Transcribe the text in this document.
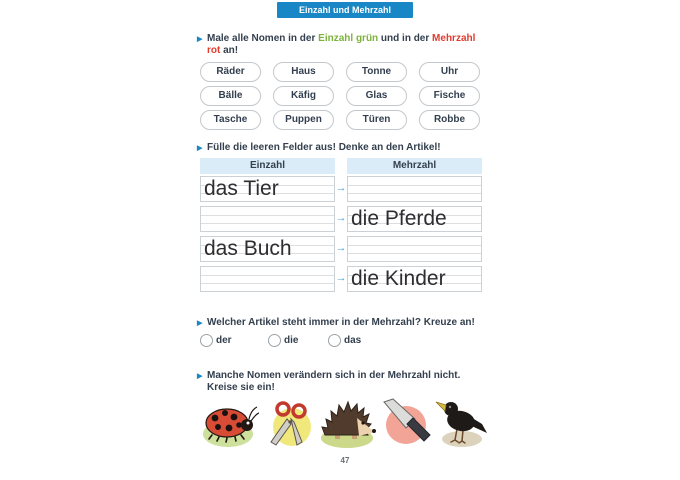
Einzahl und Mehrzahl
▶ Male alle Nomen in der Einzahl grün und in der Mehrzahl
rot an!
Räder	Haus	Tonne	Uhr
Bälle	Käfig	Glas	Fische
Tasche	Puppen	Türen	Robbe
▶ Fülle die leeren Felder aus! Denke an den Artikel!
Einzahl	Mehrzahl
das Tier	→
→ die Pferde
das Buch	→
→ die Kinder
▶ Welcher Artikel steht immer in der Mehrzahl? Kreuze an!
der	die	das
▶ Manche Nomen verändern sich in der Mehrzahl nicht.
Kreise sie ein!
47
